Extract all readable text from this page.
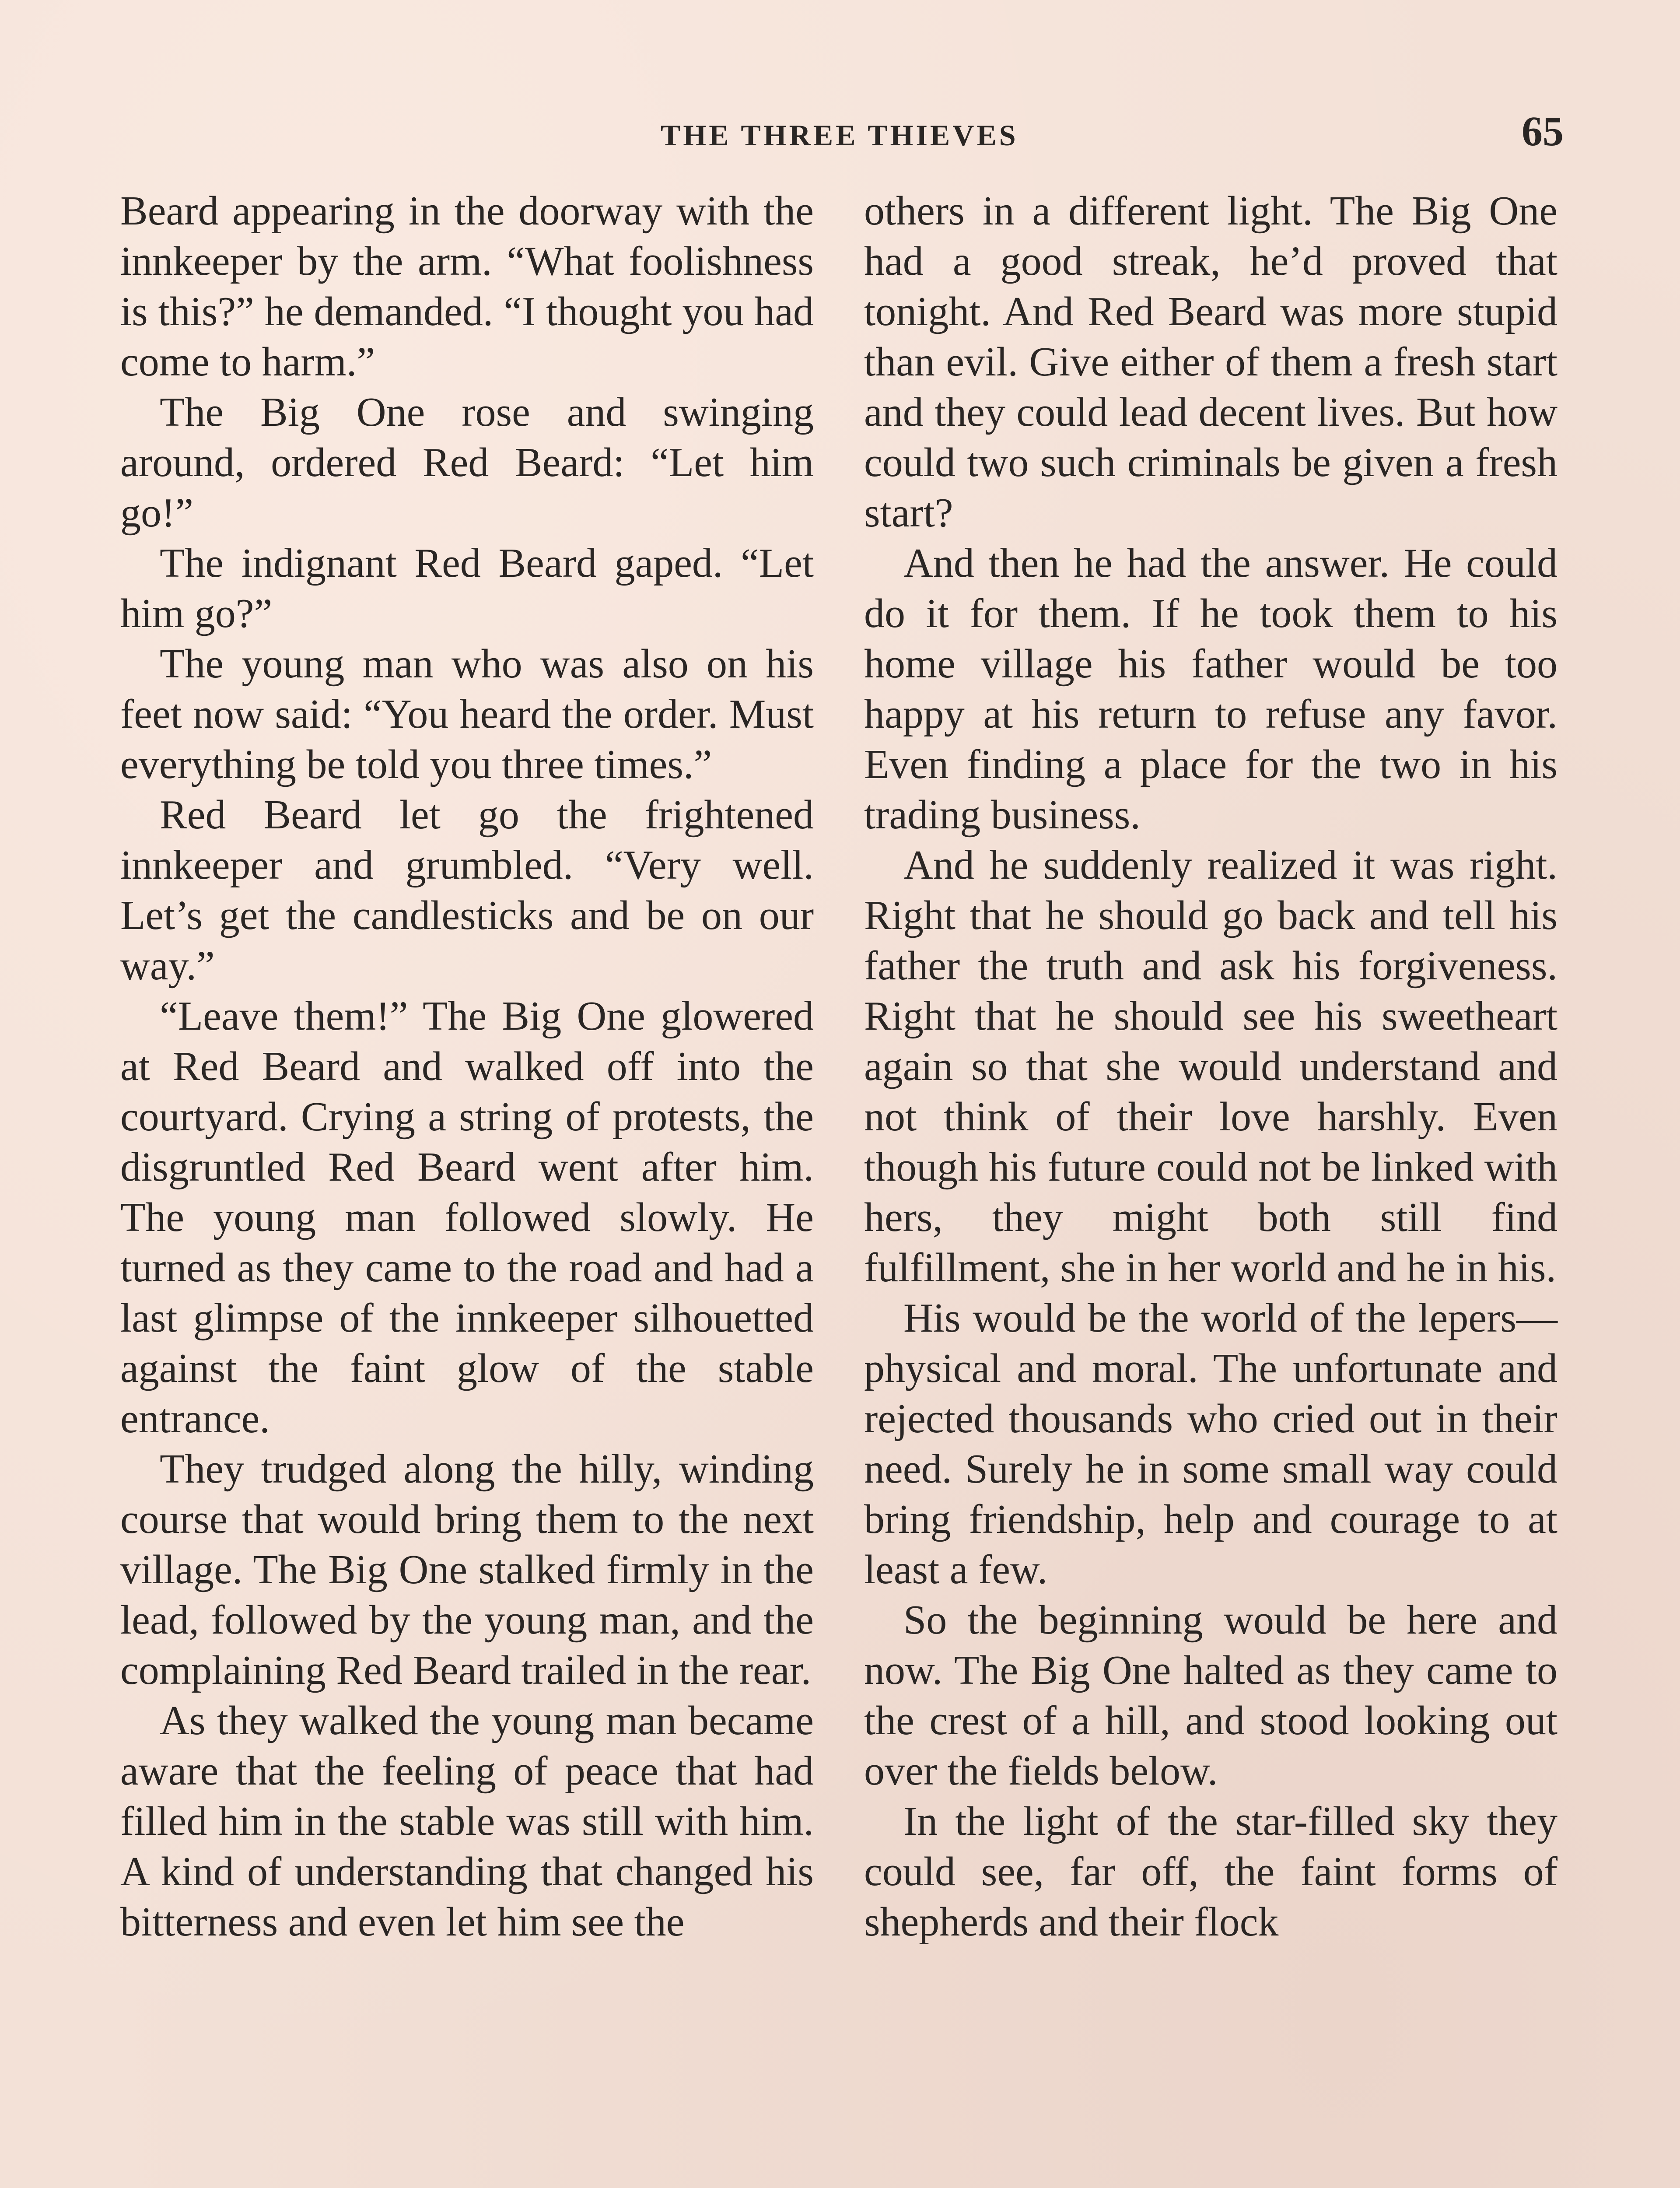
THE THREE THIEVES	65

Beard appearing in the doorway with the innkeeper by the arm. “What foolishness is this?” he demanded. “I thought you had come to harm.”

The Big One rose and swinging around, ordered Red Beard: “Let him go!”

The indignant Red Beard gaped. “Let him go?”

The young man who was also on his feet now said: “You heard the order. Must everything be told you three times.”

Red Beard let go the frightened innkeeper and grumbled. “Very well. Let’s get the candlesticks and be on our way.”

“Leave them!” The Big One glowered at Red Beard and walked off into the courtyard. Crying a string of protests, the disgruntled Red Beard went after him. The young man followed slowly. He turned as they came to the road and had a last glimpse of the innkeeper silhouetted against the faint glow of the stable entrance.

They trudged along the hilly, winding course that would bring them to the next village. The Big One stalked firmly in the lead, followed by the young man, and the complaining Red Beard trailed in the rear.

As they walked the young man became aware that the feeling of peace that had filled him in the stable was still with him. A kind of understanding that changed his bitterness and even let him see the

others in a different light. The Big One had a good streak, he’d proved that tonight. And Red Beard was more stupid than evil. Give either of them a fresh start and they could lead decent lives. But how could two such criminals be given a fresh start?

And then he had the answer. He could do it for them. If he took them to his home village his father would be too happy at his return to refuse any favor. Even finding a place for the two in his trading business.

And he suddenly realized it was right. Right that he should go back and tell his father the truth and ask his forgiveness. Right that he should see his sweetheart again so that she would understand and not think of their love harshly. Even though his future could not be linked with hers, they might both still find fulfillment, she in her world and he in his.

His would be the world of the lepers—physical and moral. The unfortunate and rejected thousands who cried out in their need. Surely he in some small way could bring friendship, help and courage to at least a few.

So the beginning would be here and now. The Big One halted as they came to the crest of a hill, and stood looking out over the fields below.

In the light of the star-filled sky they could see, far off, the faint forms of shepherds and their flock
